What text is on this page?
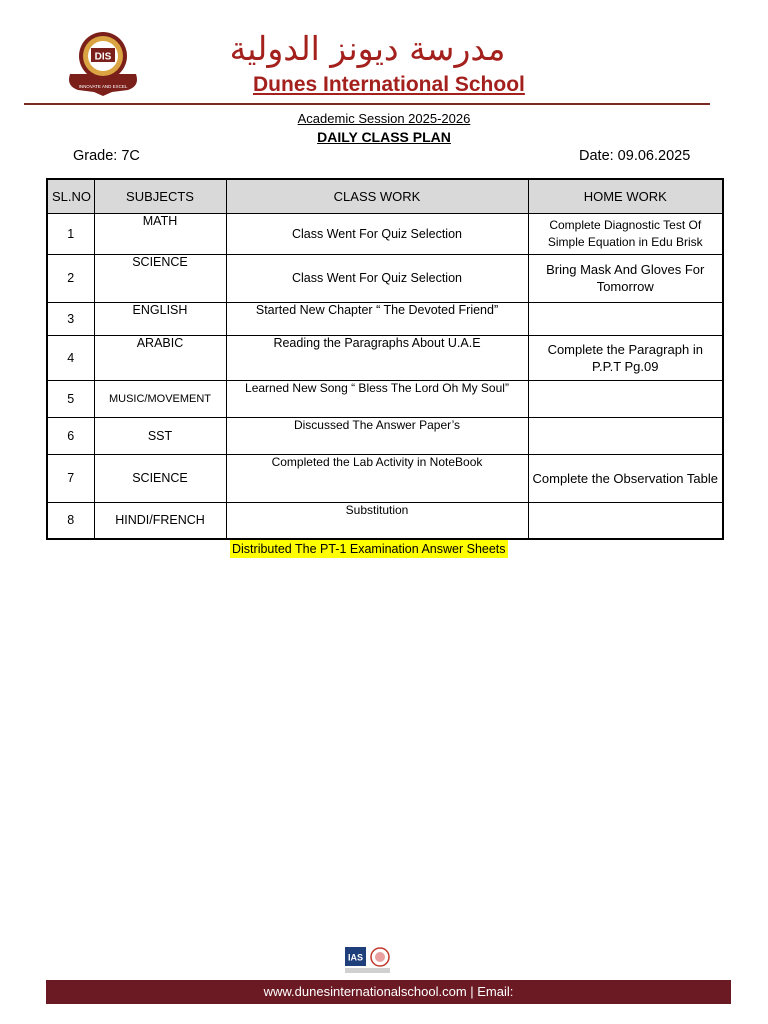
DIS
INNOVATE AND EXCEL
مدرسة ديونز الدولية
Dunes International School
Academic Session 2025-2026
DAILY CLASS PLAN
Grade: 7C	Date: 09.06.2025
SL.NO	SUBJECTS	CLASS WORK	HOME WORK
1	MATH	Class Went For Quiz Selection	Complete Diagnostic Test Of Simple Equation in Edu Brisk
2	SCIENCE	Class Went For Quiz Selection	Bring Mask And Gloves For Tomorrow
3	ENGLISH	Started New Chapter “ The Devoted Friend”	
4	ARABIC	Reading the Paragraphs About U.A.E	Complete the Paragraph in P.P.T Pg.09
5	MUSIC/MOVEMENT	Learned New Song “ Bless The Lord Oh My Soul”	
6	SST	Discussed The Answer Paper’s	
7	SCIENCE	Completed the Lab Activity in NoteBook	Complete the Observation Table
8	HINDI/FRENCH	Substitution	
Distributed The PT-1 Examination Answer Sheets
IAS
www.dunesinternationalschool.com | Email:
